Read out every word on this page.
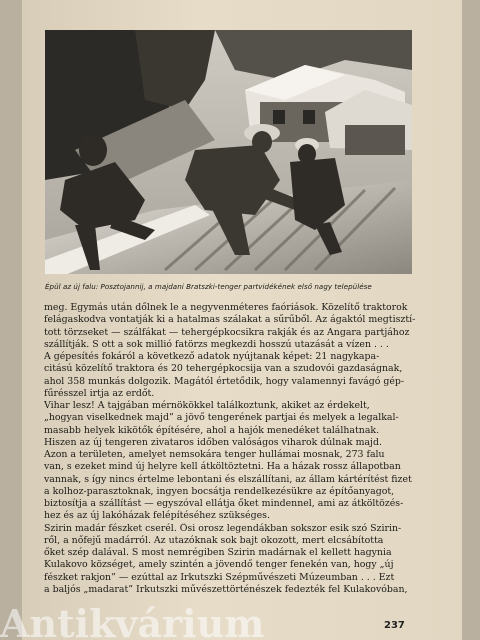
Épül az új falu: Posztojannij, a majdani Bratszki-tenger partvidékének első nagy települése
meg. Egymás után dőlnek le a negyvenméteres faóriások. Közelítő traktorok
felágaskodva vontatják ki a hatalmas szálakat a sűrűből. Az ágaktól megtisztí-
tott törzseket — szálfákat — tehergépkocsikra rakják és az Angara partjához
szállítják. S ott a sok millió fatörzs megkezdi hosszú utazását a vízen . . .
A gépesítés fokáról a következő adatok nyújtanak képet: 21 nagykapa-
citású közelítő traktora és 20 tehergépkocsija van a szudovói gazdaságnak,
ahol 358 munkás dolgozik. Magától értetődik, hogy valamennyi favágó gép-
fűrésszel irtja az erdőt.
Vihar lesz! A tajgában mérnökökkel találkoztunk, akiket az érdekelt,
„hogyan viselkednek majd” a jövő tengerének partjai és melyek a legalkal-
masabb helyek kikötők építésére, ahol a hajók menedéket találhatnak.
Hiszen az új tengeren zivataros időben valóságos viharok dúlnak majd.
Azon a területen, amelyet nemsokára tenger hullámai mosnak, 273 falu
van, s ezeket mind új helyre kell átköltöztetni. Ha a házak rossz állapotban
vannak, s így nincs értelme lebontani és elszállítani, az állam kártérítést fizet
a kolhoz-parasztoknak, ingyen bocsátja rendelkezésükre az építőanyagot,
biztosítja a szállítást — egyszóval ellátja őket mindennel, ami az átköltözés-
hez és az új lakóházak felépítéséhez szükséges.
Szirin madár fészket cserél. Ősi orosz legendákban sokszor esik szó Szirin-
ről, a nőfejű madárról. Az utazóknak sok bajt okozott, mert elcsábította
őket szép dalával. S most nemrégiben Szirin madárnak el kellett hagynia
Kulakovo községet, amely szintén a jövendő tenger fenekén van, hogy „új
fészket rakjon” — ezúttal az Irkutszki Szépművészeti Múzeumban . . . Ezt
a baljós „madarat” Irkutszki művészettörténészek fedezték fel Kulakovóban,
Antikvárium	237
